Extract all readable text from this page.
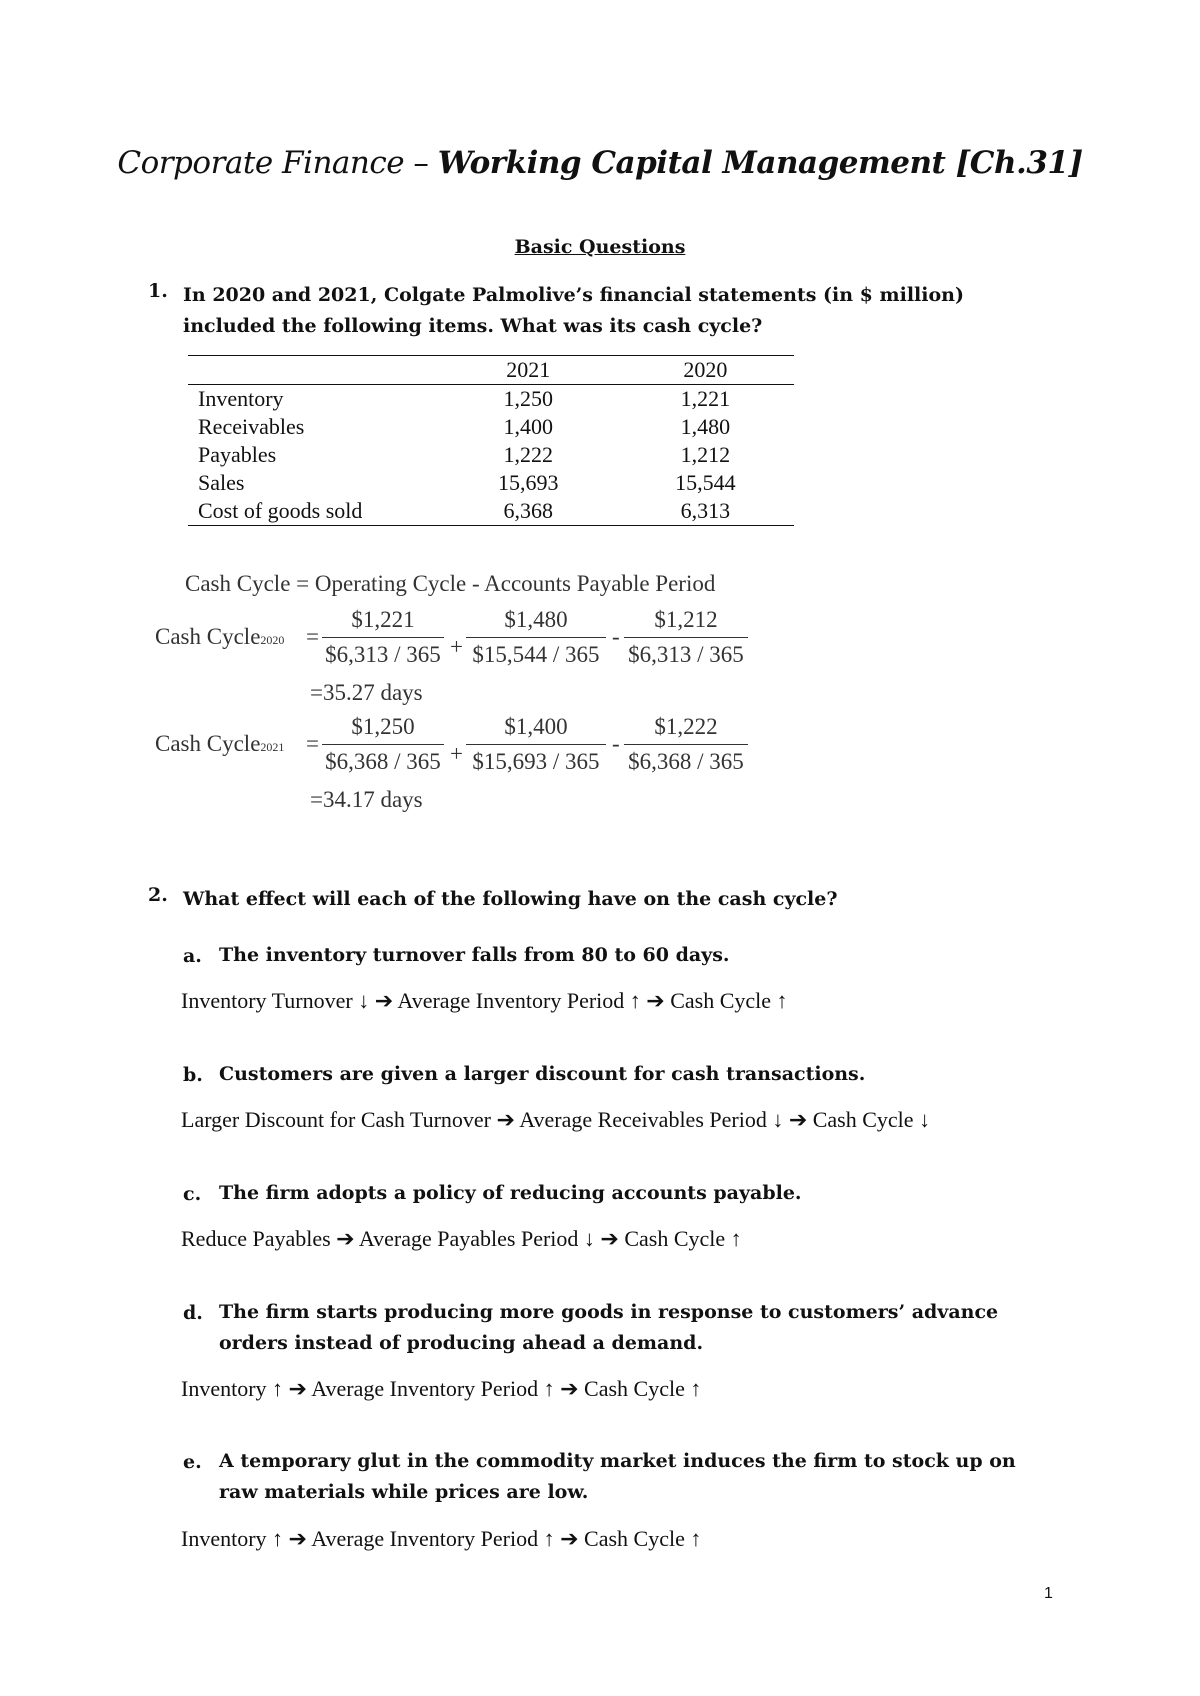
Corporate Finance – Working Capital Management [Ch.31]
Basic Questions
1. In 2020 and 2021, Colgate Palmolive’s financial statements (in $ million) included the following items. What was its cash cycle?
	2021	2020
Inventory	1,250	1,221
Receivables	1,400	1,480
Payables	1,222	1,212
Sales	15,693	15,544
Cost of goods sold	6,368	6,313
Cash Cycle = Operating Cycle - Accounts Payable Period
Cash Cycle2020 =
$1,221
$6,313 / 365 +
$1,480
$15,544 / 365
-
$1,212
$6,313 / 365
=35.27 days
Cash Cycle2021 =
$1,250
$6,368 / 365 +
$1,400
$15,693 / 365
-
$1,222
$6,368 / 365
=34.17 days
2. What effect will each of the following have on the cash cycle?
a. The inventory turnover falls from 80 to 60 days.
Inventory Turnover ↓ ➔ Average Inventory Period ↑ ➔ Cash Cycle ↑
b. Customers are given a larger discount for cash transactions.
Larger Discount for Cash Turnover ➔ Average Receivables Period ↓ ➔ Cash Cycle ↓
c. The firm adopts a policy of reducing accounts payable.
Reduce Payables ➔ Average Payables Period ↓ ➔ Cash Cycle ↑
d. The firm starts producing more goods in response to customers’ advance orders instead of producing ahead a demand.
Inventory ↑ ➔ Average Inventory Period ↑ ➔ Cash Cycle ↑
e. A temporary glut in the commodity market induces the firm to stock up on raw materials while prices are low.
Inventory ↑ ➔ Average Inventory Period ↑ ➔ Cash Cycle ↑
1
